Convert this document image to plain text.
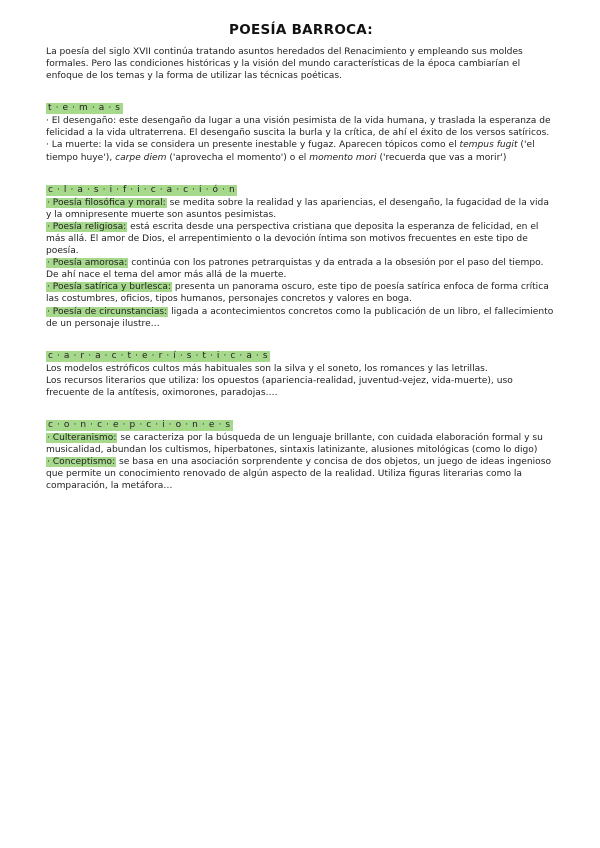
POESÍA BARROCA:

La poesía del siglo XVII continúa tratando asuntos heredados del Renacimiento y empleando sus moldes formales. Pero las condiciones históricas y la visión del mundo características de la época cambiarían el enfoque de los temas y la forma de utilizar las técnicas poéticas.

t · e · m · a · s

· El desengaño: este desengaño da lugar a una visión pesimista de la vida humana, y traslada la esperanza de felicidad a la vida ultraterrena. El desengaño suscita la burla y la crítica, de ahí el éxito de los versos satíricos.

· La muerte: la vida se considera un presente inestable y fugaz. Aparecen tópicos como el tempus fugit ('el tiempo huye'), carpe diem ('aprovecha el momento') o el momento mori ('recuerda que vas a morir')

c · l · a · s · i · f · i · c · a · c · i · ó · n

· Poesía filosófica y moral: se medita sobre la realidad y las apariencias, el desengaño, la fugacidad de la vida y la omnipresente muerte son asuntos pesimistas.

· Poesía religiosa: está escrita desde una perspectiva cristiana que deposita la esperanza de felicidad, en el más allá. El amor de Dios, el arrepentimiento o la devoción íntima son motivos frecuentes en este tipo de poesía.

· Poesía amorosa: continúa con los patrones petrarquistas y da entrada a la obsesión por el paso del tiempo. De ahí nace el tema del amor más allá de la muerte.

· Poesía satírica y burlesca: presenta un panorama oscuro, este tipo de poesía satírica enfoca de forma crítica las costumbres, oficios, tipos humanos, personajes concretos y valores en boga.

· Poesía de circunstancias: ligada a acontecimientos concretos como la publicación de un libro, el fallecimiento de un personaje ilustre…

c · a · r · a · c · t · e · r · í · s · t · i · c · a · s

Los modelos estróficos cultos más habituales son la silva y el soneto, los romances y las letrillas.

Los recursos literarios que utiliza: los opuestos (apariencia-realidad, juventud-vejez, vida-muerte), uso frecuente de la antítesis, oximorones, paradojas….

c · o · n · c · e · p · c · i · o · n · e · s

· Culteranismo: se caracteriza por la búsqueda de un lenguaje brillante, con cuidada elaboración formal y su musicalidad, abundan los cultismos, hiperbatones, sintaxis latinizante, alusiones mitológicas (como lo digo)

· Conceptismo: se basa en una asociación sorprendente y concisa de dos objetos, un juego de ideas ingenioso que permite un conocimiento renovado de algún aspecto de la realidad. Utiliza figuras literarias como la comparación, la metáfora…
